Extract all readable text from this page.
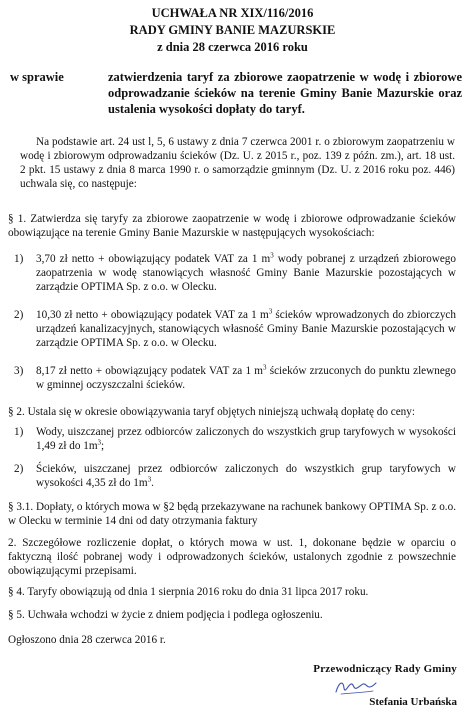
UCHWAŁA NR XIX/116/2016
RADY GMINY BANIE MAZURSKIE
z dnia 28 czerwca 2016 roku
w sprawie	zatwierdzenia taryf za zbiorowe zaopatrzenie w wodę i zbiorowe odprowadzanie ścieków na terenie Gminy Banie Mazurskie oraz ustalenia wysokości dopłaty do taryf.

Na podstawie art. 24 ust l, 5, 6 ustawy z dnia 7 czerwca 2001 r. o zbiorowym zaopatrzeniu w wodę i zbiorowym odprowadzaniu ścieków (Dz. U. z 2015 r., poz. 139 z późn. zm.), art. 18 ust. 2 pkt. 15 ustawy z dnia 8 marca 1990 r. o samorządzie gminnym (Dz. U. z 2016 roku poz. 446) uchwala się, co następuje:

§ 1. Zatwierdza się taryfy za zbiorowe zaopatrzenie w wodę i zbiorowe odprowadzanie ścieków obowiązujące na terenie Gminy Banie Mazurskie w następujących wysokościach:

1) 3,70 zł netto + obowiązujący podatek VAT za 1 $m^3$ wody pobranej z urządzeń zbiorowego zaopatrzenia w wodę stanowiących własność Gminy Banie Mazurskie pozostających w zarządzie OPTIMA Sp. z o.o. w Olecku.

2) 10,30 zł netto + obowiązujący podatek VAT za 1 $m^3$ ścieków wprowadzonych do zbiorczych urządzeń kanalizacyjnych, stanowiących własność Gminy Banie Mazurskie pozostających w zarządzie OPTIMA Sp. z o.o. w Olecku.

3) 8,17 zł netto + obowiązujący podatek VAT za 1 $m^3$ ścieków zrzuconych do punktu zlewnego w gminnej oczyszczalni ścieków.

§ 2. Ustala się w okresie obowiązywania taryf objętych niniejszą uchwałą dopłatę do ceny:

1) Wody, uiszczanej przez odbiorców zaliczonych do wszystkich grup taryfowych w wysokości 1,49 zł do $1m^3$;

2) Ścieków, uiszczanej przez odbiorców zaliczonych do wszystkich grup taryfowych w wysokości 4,35 zł do $1m^3$.

§ 3.1. Dopłaty, o których mowa w §2 będą przekazywane na rachunek bankowy OPTIMA Sp. z o.o. w Olecku w terminie 14 dni od daty otrzymania faktury

2. Szczegółowe rozliczenie dopłat, o których mowa w ust. 1, dokonane będzie w oparciu o faktyczną ilość pobranej wody i odprowadzonych ścieków, ustalonych zgodnie z powszechnie obowiązującymi przepisami.

§ 4. Taryfy obowiązują od dnia 1 sierpnia 2016 roku do dnia 31 lipca 2017 roku.

§ 5. Uchwała wchodzi w życie z dniem podjęcia i podlega ogłoszeniu.

Ogłoszono dnia 28 czerwca 2016 r.

Przewodniczący Rady Gminy
Stefania Urbańska
